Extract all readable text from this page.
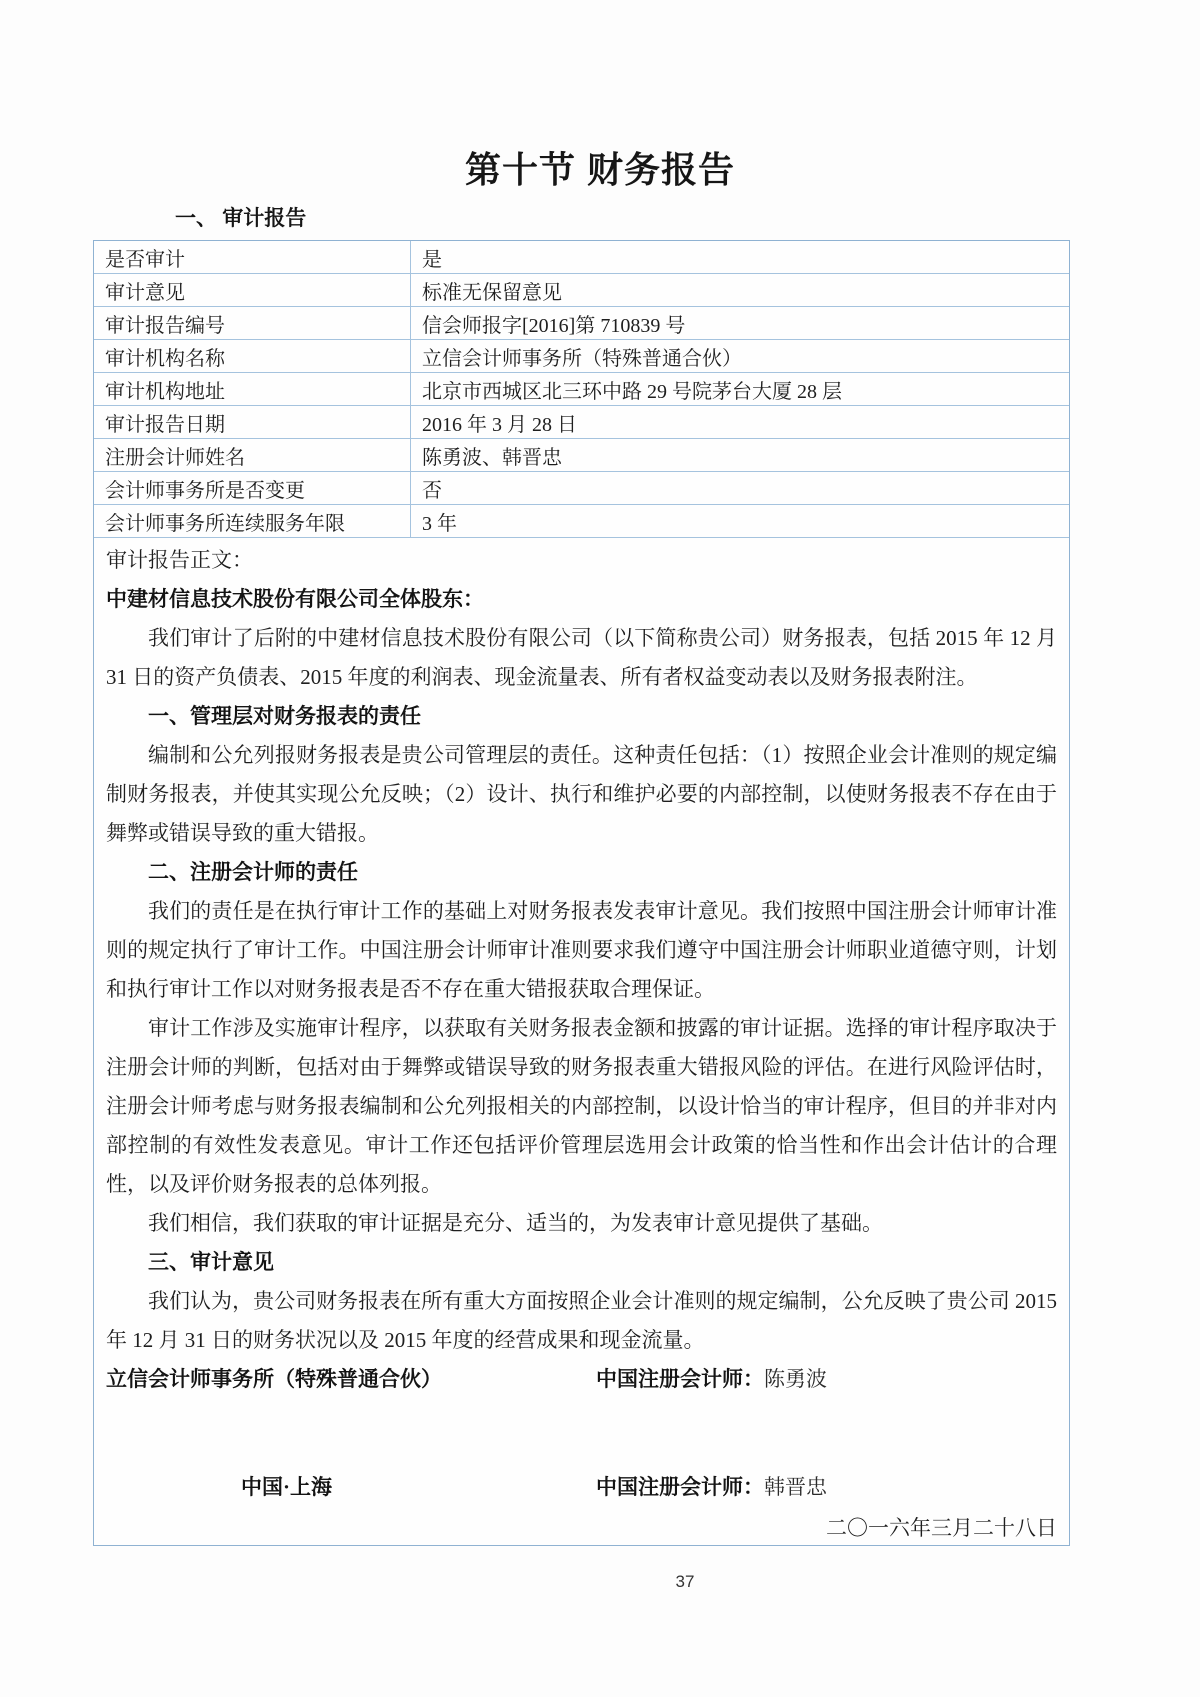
第十节 财务报告
一、 审计报告
是否审计	是
审计意见	标准无保留意见
审计报告编号	信会师报字[2016]第 710839 号
审计机构名称	立信会计师事务所（特殊普通合伙）
审计机构地址	北京市西城区北三环中路 29 号院茅台大厦 28 层
审计报告日期	2016 年 3 月 28 日
注册会计师姓名	陈勇波、韩晋忠
会计师事务所是否变更	否
会计师事务所连续服务年限	3 年

审计报告正文：

中建材信息技术股份有限公司全体股东：

我们审计了后附的中建材信息技术股份有限公司（以下简称贵公司）财务报表，包括 2015 年 12 月 31 日的资产负债表、2015 年度的利润表、现金流量表、所有者权益变动表以及财务报表附注。

一、管理层对财务报表的责任

编制和公允列报财务报表是贵公司管理层的责任。这种责任包括：（1）按照企业会计准则的规定编制财务报表，并使其实现公允反映；（2）设计、执行和维护必要的内部控制，以使财务报表不存在由于舞弊或错误导致的重大错报。

二、注册会计师的责任

我们的责任是在执行审计工作的基础上对财务报表发表审计意见。我们按照中国注册会计师审计准则的规定执行了审计工作。中国注册会计师审计准则要求我们遵守中国注册会计师职业道德守则，计划和执行审计工作以对财务报表是否不存在重大错报获取合理保证。

审计工作涉及实施审计程序，以获取有关财务报表金额和披露的审计证据。选择的审计程序取决于注册会计师的判断，包括对由于舞弊或错误导致的财务报表重大错报风险的评估。在进行风险评估时，注册会计师考虑与财务报表编制和公允列报相关的内部控制，以设计恰当的审计程序，但目的并非对内部控制的有效性发表意见。审计工作还包括评价管理层选用会计政策的恰当性和作出会计估计的合理性，以及评价财务报表的总体列报。

我们相信，我们获取的审计证据是充分、适当的，为发表审计意见提供了基础。

三、审计意见

我们认为，贵公司财务报表在所有重大方面按照企业会计准则的规定编制，公允反映了贵公司 2015 年 12 月 31 日的财务状况以及 2015 年度的经营成果和现金流量。

立信会计师事务所（特殊普通合伙）	中国注册会计师：陈勇波
中国·上海	中国注册会计师：韩晋忠
二〇一六年三月二十八日
37
